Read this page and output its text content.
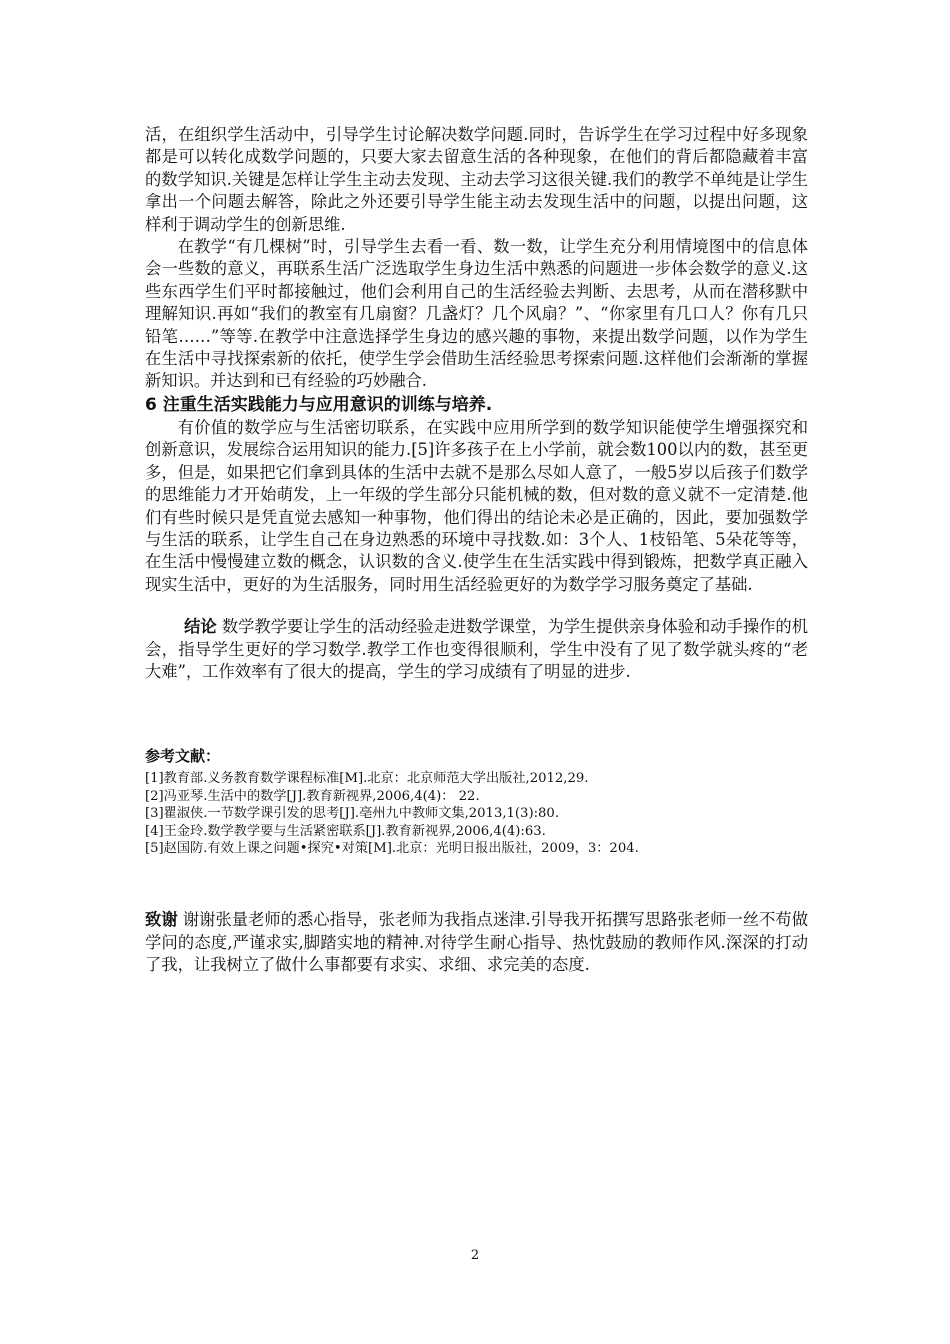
活，在组织学生活动中，引导学生讨论解决数学问题.同时，告诉学生在学习过程中好多现象都是可以转化成数学问题的，只要大家去留意生活的各种现象，在他们的背后都隐藏着丰富的数学知识.关键是怎样让学生主动去发现、主动去学习这很关键.我们的教学不单纯是让学生拿出一个问题去解答，除此之外还要引导学生能主动去发现生活中的问题，以提出问题，这样利于调动学生的创新思维.

在教学“有几棵树”时，引导学生去看一看、数一数，让学生充分利用情境图中的信息体会一些数的意义，再联系生活广泛选取学生身边生活中熟悉的问题进一步体会数学的意义.这些东西学生们平时都接触过，他们会利用自己的生活经验去判断、去思考，从而在潜移默中理解知识.再如“我们的教室有几扇窗？几盏灯？几个风扇？”、“你家里有几口人？你有几只铅笔……”等等.在教学中注意选择学生身边的感兴趣的事物，来提出数学问题，以作为学生在生活中寻找探索新的依托，使学生学会借助生活经验思考探索问题.这样他们会渐渐的掌握新知识。并达到和已有经验的巧妙融合.

6 注重生活实践能力与应用意识的训练与培养.

有价值的数学应与生活密切联系，在实践中应用所学到的数学知识能使学生增强探究和创新意识，发展综合运用知识的能力.[5]许多孩子在上小学前，就会数100以内的数，甚至更多，但是，如果把它们拿到具体的生活中去就不是那么尽如人意了，一般5岁以后孩子们数学的思维能力才开始萌发，上一年级的学生部分只能机械的数，但对数的意义就不一定清楚.他们有些时候只是凭直觉去感知一种事物，他们得出的结论未必是正确的，因此，要加强数学与生活的联系，让学生自己在身边熟悉的环境中寻找数.如：3个人、1枝铅笔、5朵花等等，在生活中慢慢建立数的概念，认识数的含义.使学生在生活实践中得到锻炼，把数学真正融入现实生活中，更好的为生活服务，同时用生活经验更好的为数学学习服务奠定了基础.

结论 数学教学要让学生的活动经验走进数学课堂，为学生提供亲身体验和动手操作的机会，指导学生更好的学习数学.教学工作也变得很顺利，学生中没有了见了数学就头疼的“老大难”，工作效率有了很大的提高，学生的学习成绩有了明显的进步.

参考文献：

[1]教育部.义务教育数学课程标准[M].北京：北京师范大学出版社,2012,29.

[2]冯亚琴.生活中的数学[J].教育新视界,2006,4(4)： 22.

[3]瞿淑侠.一节数学课引发的思考[J].亳州九中教师文集,2013,1(3):80.

[4]王金玲.数学教学要与生活紧密联系[J].教育新视界,2006,4(4):63.

[5]赵国防.有效上课之问题•探究•对策[M].北京：光明日报出版社，2009，3：204.

致谢 谢谢张量老师的悉心指导，张老师为我指点迷津.引导我开拓撰写思路张老师一丝不苟做学问的态度,严谨求实,脚踏实地的精神.对待学生耐心指导、热忱鼓励的教师作风.深深的打动了我，让我树立了做什么事都要有求实、求细、求完美的态度.

2
